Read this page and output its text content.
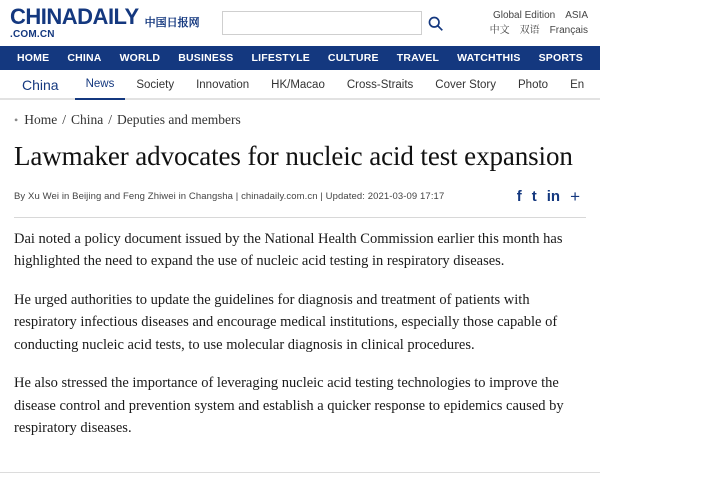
CHINADAILY
.COM.CN
中国日报网
Global Edition ASIA
中文 双语 Français
HOME	CHINA	WORLD	BUSINESS	LIFESTYLE	CULTURE	TRAVEL	WATCHTHIS	SPORTS	OPINION	REGION
China	News	Society	Innovation	HK/Macao	Cross-Straits	Cover Story	Photo	En
• Home / China / Deputies and members
Lawmaker advocates for nucleic acid test expansion
By Xu Wei in Beijing and Feng Zhiwei in Changsha | chinadaily.com.cn | Updated: 2021-03-09 17:17	f t in +

Dai noted a policy document issued by the National Health Commission earlier this month has highlighted the need to expand the use of nucleic acid testing in respiratory diseases.

He urged authorities to update the guidelines for diagnosis and treatment of patients with respiratory infectious diseases and encourage medical institutions, especially those capable of conducting nucleic acid tests, to use molecular diagnosis in clinical procedures.

He also stressed the importance of leveraging nucleic acid testing technologies to improve the disease control and prevention system and establish a quicker response to epidemics caused by respiratory diseases.
